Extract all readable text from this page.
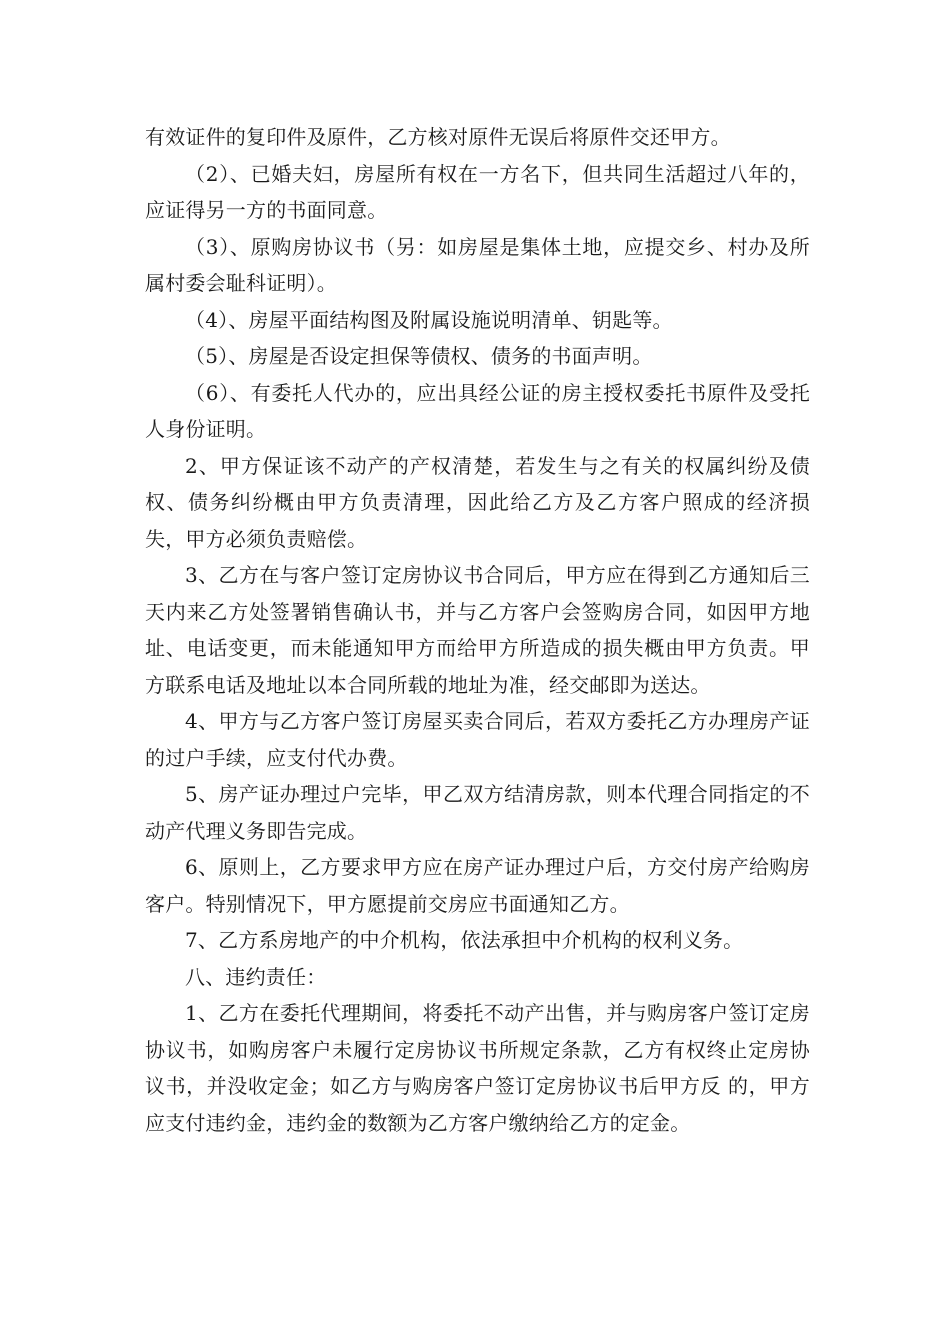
有效证件的复印件及原件，乙方核对原件无误后将原件交还甲方。

（2）、已婚夫妇，房屋所有权在一方名下，但共同生活超过八年的，应证得另一方的书面同意。

（3）、原购房协议书（另：如房屋是集体土地，应提交乡、村办及所属村委会耻科证明）。

（4）、房屋平面结构图及附属设施说明清单、钥匙等。

（5）、房屋是否设定担保等债权、债务的书面声明。

（6）、有委托人代办的，应出具经公证的房主授权委托书原件及受托人身份证明。

2、甲方保证该不动产的产权清楚，若发生与之有关的权属纠纷及债权、债务纠纷概由甲方负责清理，因此给乙方及乙方客户照成的经济损失，甲方必须负责赔偿。

3、乙方在与客户签订定房协议书合同后，甲方应在得到乙方通知后三天内来乙方处签署销售确认书，并与乙方客户会签购房合同，如因甲方地址、电话变更，而未能通知甲方而给甲方所造成的损失概由甲方负责。甲方联系电话及地址以本合同所载的地址为准，经交邮即为送达。

4、甲方与乙方客户签订房屋买卖合同后，若双方委托乙方办理房产证的过户手续，应支付代办费。

5、房产证办理过户完毕，甲乙双方结清房款，则本代理合同指定的不动产代理义务即告完成。

6、原则上，乙方要求甲方应在房产证办理过户后，方交付房产给购房客户。特别情况下，甲方愿提前交房应书面通知乙方。

7、乙方系房地产的中介机构，依法承担中介机构的权利义务。

八、违约责任：

1、乙方在委托代理期间，将委托不动产出售，并与购房客户签订定房协议书，如购房客户未履行定房协议书所规定条款，乙方有权终止定房协议书，并没收定金；如乙方与购房客户签订定房协议书后甲方反 的，甲方应支付违约金，违约金的数额为乙方客户缴纳给乙方的定金。
